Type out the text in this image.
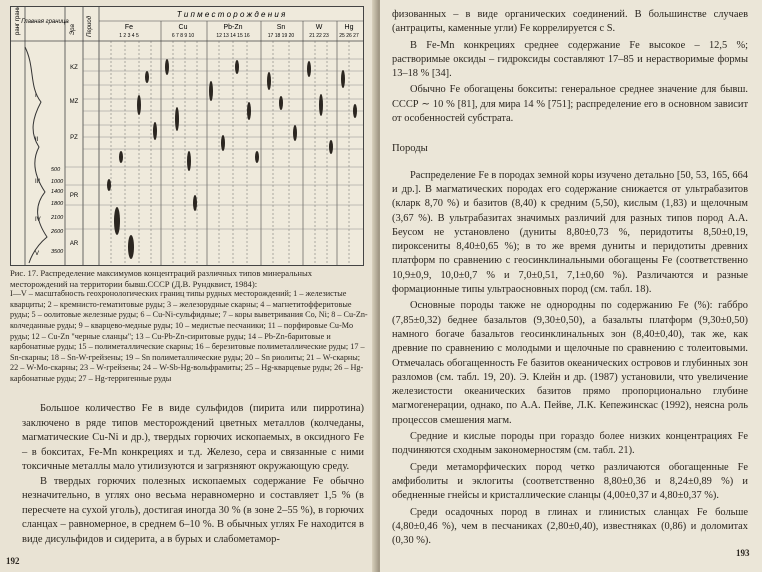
Т и п м е с т о р о ж д е н и я
ранг границ Главная граница
Эра Период	Fe	Cu	Pb-Zn	Sn	W	Hg
1 2 3 4 5	6 7 8 9 10	12 13 14 15 16	17 18 19 20	21 22 23 25 26 27
KZ
MZ
PZ
PR
AR
I
II
III
IV
V
500
1000
1400
1800
2100
2600
3500
Рис. 17. Распределение максимумов концентраций различных типов минеральных месторождений на территории бывш.СССР (Д.В. Рундквист, 1984):
I—V – масштабность геохронологических границ типы рудных месторождений; 1 – железистые кварциты; 2 – кремнисто-гематитовые руды; 3 – железорудные скарны; 4 – магнетитофферитовые руды; 5 – оолитовые железные руды; 6 – Cu-Ni-сульфидные; 7 – коры выветривания Co, Ni; 8 – Cu-Zn-колчеданные руды; 9 – кварцево-медные руды; 10 – медистые песчаники; 11 – порфировые Cu-Mo руды; 12 – Cu-Zn "черные сланцы"; 13 – Cu-Pb-Zn-сиритовые руды; 14 – Pb-Zn-баритовые и карбонатные руды; 15 – полиметаллические скарны; 16 – березитовые полиметаллические руды; 17 – Sn-скарны; 18 – Sn-W-грейзены; 19 – Sn полиметаллические руды; 20 – Sn риолиты; 21 – W-скарны; 22 – W-Mo-скарны; 23 – W-грейзены; 24 – W-Sb-Hg-вольфрамиты; 25 – Hg-кварцевые руды; 26 – Hg-карбонатные руды; 27 – Hg-терригенные руды

Большое количество Fe в виде сульфидов (пирита или пирротина) заключено в ряде типов месторождений цветных металлов (колчеданы, магматические Cu-Ni и др.), твердых горючих ископаемых, в оксидного Fe – в бокситах, Fe-Mn конкрециях и т.д. Железо, сера и связанные с ними токсичные металлы мало утилизуются и загрязняют окружающую среду.

В твердых горючих полезных ископаемых содержание Fe обычно незначительно, в углях оно весьма неравномерно и составляет 1,5 % (в пересчете на сухой уголь), достигая иногда 30 % (в зоне 2–55 %), в горючих сланцах – равномерное, в среднем 6–10 %. В обычных углях Fe находится в виде дисульфидов и сидерита, а в бурых и слабометамор-

192

физованных – в виде органических соединений. В большинстве случаев (антрациты, каменные угли) Fe коррелируется с S.

В Fe-Mn конкрециях среднее содержание Fe высокое – 12,5 %; растворимые оксиды – гидроксиды составляют 17–85 и нерастворимые формы 13–18 % [34].

Обычно Fe обогащены бокситы: генеральное среднее значение для бывш. СССР ∼ 10 % [81], для мира 14 % [751]; распределение его в основном зависит от особенностей субстрата.

Породы

Распределение Fe в породах земной коры изучено детально [50, 53, 165, 664 и др.]. В магматических породах его содержание снижается от ультрабазитов (кларк 8,70 %) и базитов (8,40) к средним (5,50), кислым (1,83) и щелочным (3,67 %). В ультрабазитах значимых различий для разных типов пород А.А. Беусом не установлено (дуниты 8,80±0,73 %, перидотиты 8,50±0,19, пироксениты 8,40±0,65 %); в то же время дуниты и перидотиты древних платформ по сравнению с геосинклинальными обогащены Fe (соответственно 10,9±0,9, 10,0±0,7 % и 7,0±0,51, 7,1±0,60 %). Различаются и разные формационные типы ультраосновных пород (см. табл. 18).

Основные породы также не однородны по содержанию Fe (%): габбро (7,85±0,32) беднее базальтов (9,30±0,50), а базальты платформ (9,30±0,50) намного богаче базальтов геосинклинальных зон (8,40±0,40), так же, как древние по сравнению с молодыми и щелочные по сравнению с толеитовыми. Отмечалась обогащенность Fe базитов океанических островов и глубинных зон разломов (см. табл. 19, 20). Э. Клейн и др. (1987) установили, что увеличение железистости океанических базитов прямо пропорционально глубине магмогенерации, однако, по А.А. Пейве, Л.К. Кепежинскас (1992), неясна роль процессов смешения магм.

Средние и кислые породы при гораздо более низких концентрациях Fe подчиняются сходным закономерностям (см. табл. 21).

Среди метаморфических пород четко различаются обогащенные Fe амфиболиты и эклогиты (соответственно 8,80±0,36 и 8,24±0,89 %) и обедненные гнейсы и кристаллические сланцы (4,00±0,37 и 4,80±0,37 %).

Среди осадочных пород в глинах и глинистых сланцах Fe больше (4,80±0,46 %), чем в песчаниках (2,80±0,40), известняках (0,86) и доломитах (0,30 %).

193
